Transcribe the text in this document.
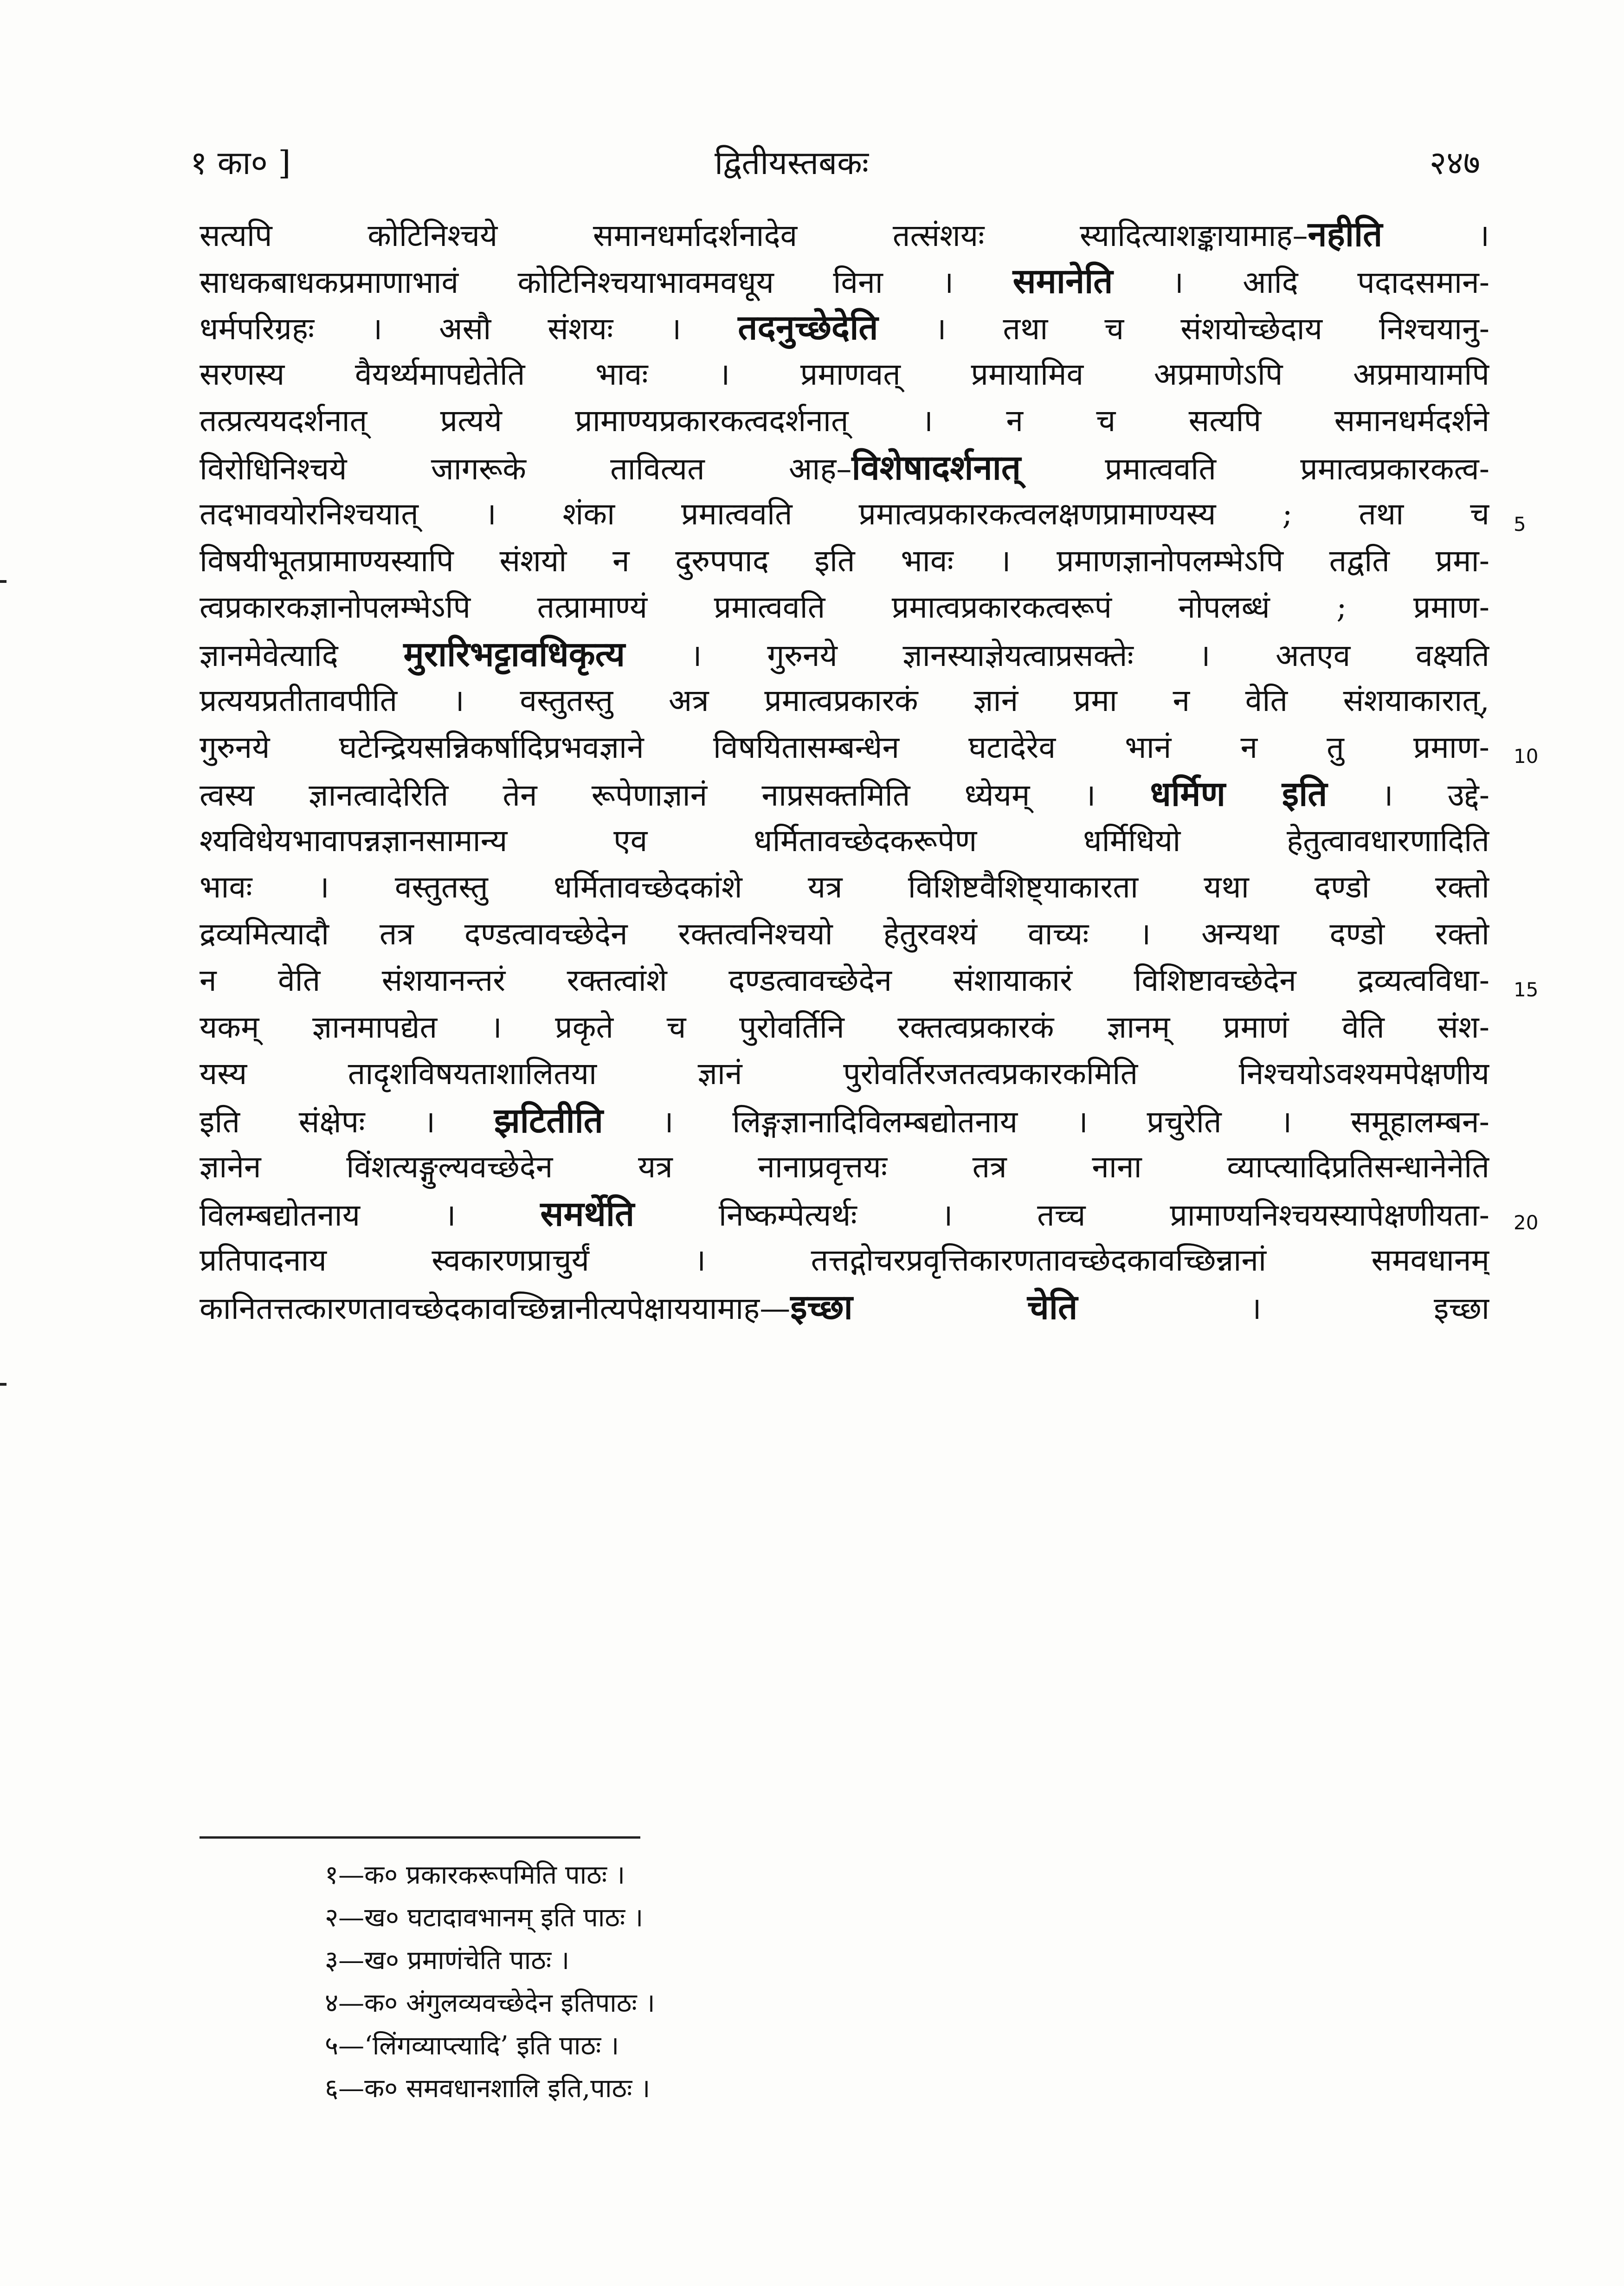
१ का० ]	द्वितीयस्तबकः	२४७
सत्यपि कोटिनिश्चये समानधर्मादर्शनादेव तत्संशयः स्यादित्याशङ्कायामाह–नहीति ।
साधकबाधकप्रमाणाभावं कोटिनिश्चयाभावमवधूय विना । समानेति । आदि पदादसमान-
धर्मपरिग्रहः । असौ संशयः । तदनुच्छेदेति । तथा च संशयोच्छेदाय निश्चयानु-
सरणस्य वैयर्थ्यमापद्येतेति भावः । प्रमाणवत् प्रमायामिव अप्रमाणेऽपि अप्रमायामपि
तत्प्रत्ययदर्शनात् प्रत्यये प्रामाण्यप्रकारकत्वदर्शनात् । न च सत्यपि समानधर्मदर्शने
विरोधिनिश्चये जागरूके तावित्यत आह–विशेषादर्शनात् प्रमात्ववति प्रमात्वप्रकारकत्व-
तदभावयोरनिश्चयात् । शंका प्रमात्ववति प्रमात्वप्रकारकत्वलक्षणप्रामाण्यस्य ; तथा च
विषयीभूतप्रामाण्यस्यापि संशयो न दुरुपपाद इति भावः । प्रमाणज्ञानोपलम्भेऽपि तद्वति प्रमा-
त्वप्रकारकज्ञानोपलम्भेऽपि तत्प्रामाण्यं प्रमात्ववति प्रमात्वप्रकारकत्वरूपं नोपलब्धं ; प्रमाण-
ज्ञानमेवेत्यादि मुरारिभट्टावधिकृत्य । गुरुनये ज्ञानस्याज्ञेयत्वाप्रसक्तेः । अतएव वक्ष्यति
प्रत्ययप्रतीतावपीति । वस्तुतस्तु अत्र प्रमात्वप्रकारकं ज्ञानं प्रमा न वेति संशयाकारात्,
गुरुनये घटेन्द्रियसन्निकर्षादिप्रभवज्ञाने विषयितासम्बन्धेन घटादेरेव भानं न तु प्रमाण-
त्वस्य ज्ञानत्वादेरिति तेन रूपेणाज्ञानं नाप्रसक्तमिति ध्येयम् । धर्मिण इति । उद्दे-
श्यविधेयभावापन्नज्ञानसामान्य एव धर्मितावच्छेदकरूपेण धर्मिधियो हेतुत्वावधारणादिति
भावः । वस्तुतस्तु धर्मितावच्छेदकांशे यत्र विशिष्टवैशिष्ट्याकारता यथा दण्डो रक्तो
द्रव्यमित्यादौ तत्र दण्डत्वावच्छेदेन रक्तत्वनिश्चयो हेतुरवश्यं वाच्यः । अन्यथा दण्डो रक्तो
न वेति संशयानन्तरं रक्तत्वांशे दण्डत्वावच्छेदेन संशायाकारं विशिष्टावच्छेदेन द्रव्यत्वविधा-
यकम् ज्ञानमापद्येत । प्रकृते च पुरोवर्तिनि रक्तत्वप्रकारकं ज्ञानम् प्रमाणं वेति संश-
यस्य तादृशविषयताशालितया ज्ञानं पुरोवर्तिरजतत्वप्रकारकमिति निश्चयोऽवश्यमपेक्षणीय
इति संक्षेपः । झटितीति । लिङ्गज्ञानादिविलम्बद्योतनाय । प्रचुरेति । समूहालम्बन-
ज्ञानेन विंशत्यङ्गुल्यवच्छेदेन यत्र नानाप्रवृत्तयः तत्र नाना व्याप्त्यादिप्रतिसन्धानेनेति
विलम्बद्योतनाय । समर्थेति निष्कम्पेत्यर्थः । तच्च प्रामाण्यनिश्चयस्यापेक्षणीयता-
प्रतिपादनाय स्वकारणप्राचुर्यं । तत्तद्गोचरप्रवृत्तिकारणतावच्छेदकावच्छिन्नानां समवधानम्
कानितत्तत्कारणतावच्छेदकावच्छिन्नानीत्यपेक्षाययामाह—इच्छा चेति । इच्छा
5
10
15
20
१—क० प्रकारकरूपमिति पाठः ।
२—ख० घटादावभानम् इति पाठः ।
३—ख० प्रमाणंचेति पाठः ।
४—क० अंगुलव्यवच्छेदेन इतिपाठः ।
५—‘लिंगव्याप्त्यादि’ इति पाठः ।
६—क० समवधानशालि इति,पाठः ।
